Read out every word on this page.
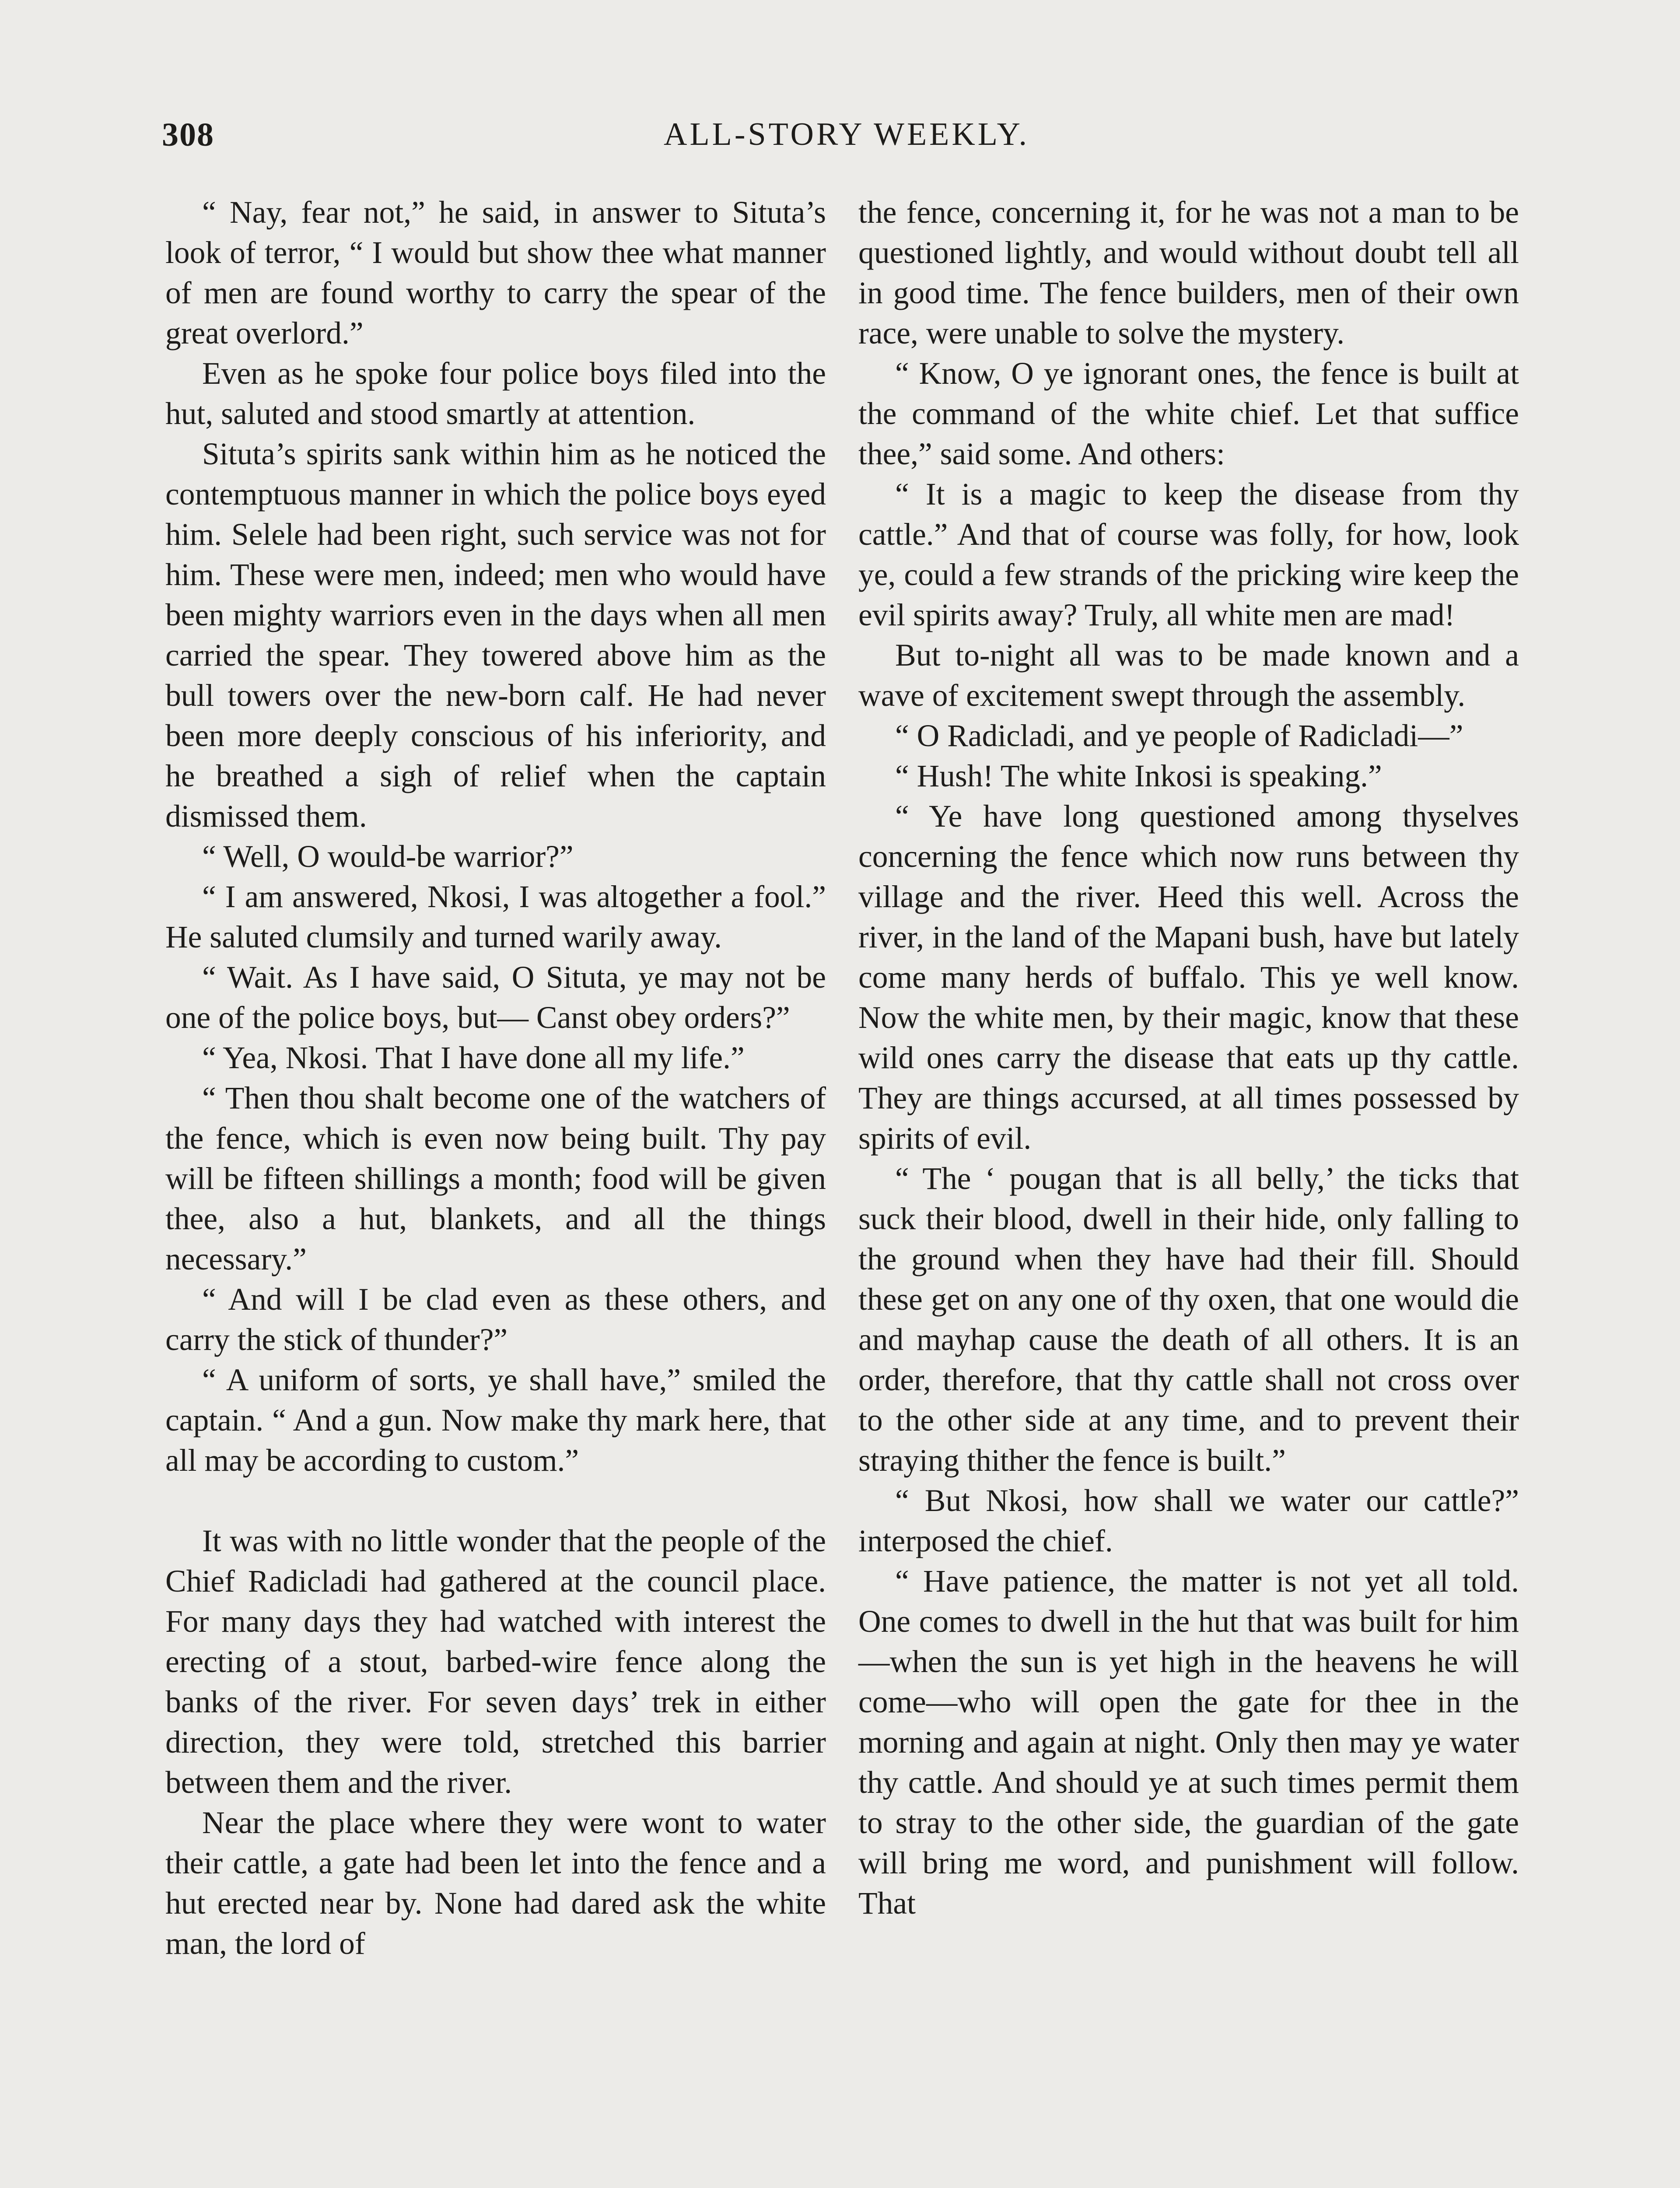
308	ALL-STORY WEEKLY.

“ Nay, fear not,” he said, in answer to Situta’s look of terror, “ I would but show thee what manner of men are found worthy to carry the spear of the great overlord.”

Even as he spoke four police boys filed into the hut, saluted and stood smartly at attention.

Situta’s spirits sank within him as he noticed the contemptuous manner in which the police boys eyed him. Selele had been right, such service was not for him. These were men, indeed; men who would have been mighty warriors even in the days when all men carried the spear. They towered above him as the bull towers over the new-born calf. He had never been more deeply conscious of his inferiority, and he breathed a sigh of relief when the captain dismissed them.

“ Well, O would-be warrior?”

“ I am answered, Nkosi, I was altogether a fool.” He saluted clumsily and turned warily away.

“ Wait. As I have said, O Situta, ye may not be one of the police boys, but— Canst obey orders?”

“ Yea, Nkosi. That I have done all my life.”

“ Then thou shalt become one of the watchers of the fence, which is even now being built. Thy pay will be fifteen shillings a month; food will be given thee, also a hut, blankets, and all the things necessary.”

“ And will I be clad even as these others, and carry the stick of thunder?”

“ A uniform of sorts, ye shall have,” smiled the captain. “ And a gun. Now make thy mark here, that all may be according to custom.”

It was with no little wonder that the people of the Chief Radicladi had gathered at the council place. For many days they had watched with interest the erecting of a stout, barbed-wire fence along the banks of the river. For seven days’ trek in either direction, they were told, stretched this barrier between them and the river.

Near the place where they were wont to water their cattle, a gate had been let into the fence and a hut erected near by. None had dared ask the white man, the lord of

the fence, concerning it, for he was not a man to be questioned lightly, and would without doubt tell all in good time. The fence builders, men of their own race, were unable to solve the mystery.

“ Know, O ye ignorant ones, the fence is built at the command of the white chief. Let that suffice thee,” said some. And others:

“ It is a magic to keep the disease from thy cattle.” And that of course was folly, for how, look ye, could a few strands of the pricking wire keep the evil spirits away? Truly, all white men are mad!

But to-night all was to be made known and a wave of excitement swept through the assembly.

“ O Radicladi, and ye people of Radicladi—”

“ Hush! The white Inkosi is speaking.”

“ Ye have long questioned among thyselves concerning the fence which now runs between thy village and the river. Heed this well. Across the river, in the land of the Mapani bush, have but lately come many herds of buffalo. This ye well know. Now the white men, by their magic, know that these wild ones carry the disease that eats up thy cattle. They are things accursed, at all times possessed by spirits of evil.

“ The ‘ pougan that is all belly,’ the ticks that suck their blood, dwell in their hide, only falling to the ground when they have had their fill. Should these get on any one of thy oxen, that one would die and mayhap cause the death of all others. It is an order, therefore, that thy cattle shall not cross over to the other side at any time, and to prevent their straying thither the fence is built.”

“ But Nkosi, how shall we water our cattle?” interposed the chief.

“ Have patience, the matter is not yet all told. One comes to dwell in the hut that was built for him—when the sun is yet high in the heavens he will come—who will open the gate for thee in the morning and again at night. Only then may ye water thy cattle. And should ye at such times permit them to stray to the other side, the guardian of the gate will bring me word, and punishment will follow. That
